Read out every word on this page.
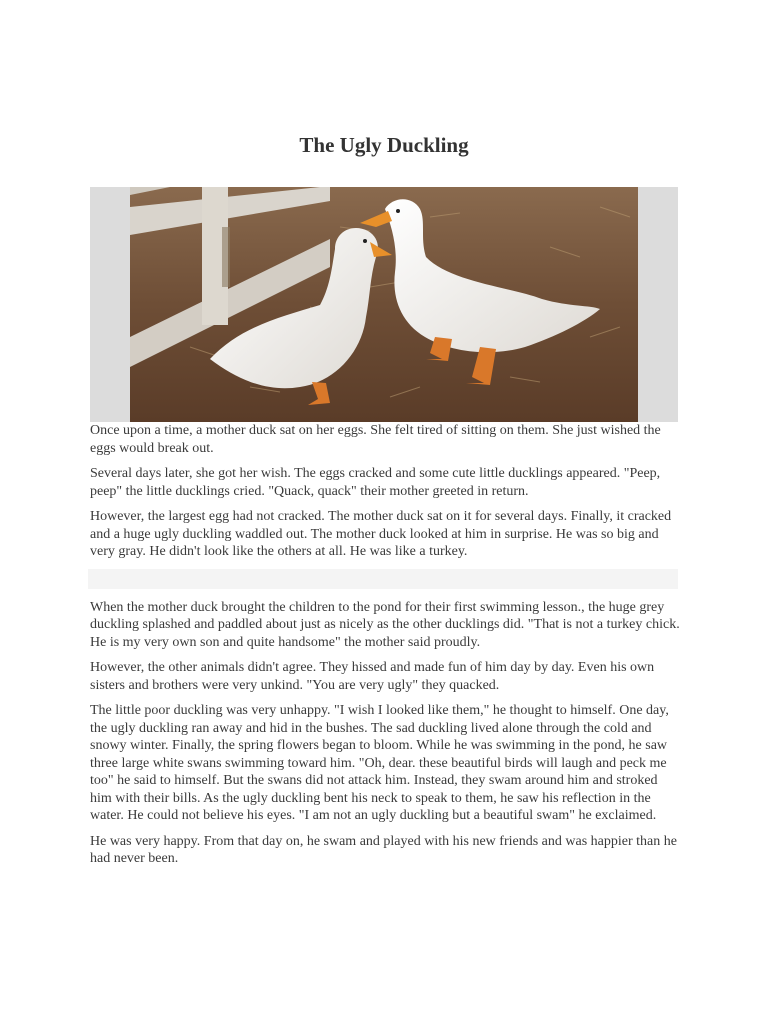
The Ugly Duckling

Once upon a time, a mother duck sat on her eggs. She felt tired of sitting on them. She just wished the eggs would break out.

Several days later, she got her wish. The eggs cracked and some cute little ducklings appeared. "Peep, peep" the little ducklings cried. "Quack, quack" their mother greeted in return.

However, the largest egg had not cracked. The mother duck sat on it for several days. Finally, it cracked and a huge ugly duckling waddled out. The mother duck looked at him in surprise. He was so big and very gray. He didn't look like the others at all. He was like a turkey.

When the mother duck brought the children to the pond for their first swimming lesson., the huge grey duckling splashed and paddled about just as nicely as the other ducklings did. "That is not a turkey chick. He is my very own son and quite handsome" the mother said proudly.

However, the other animals didn't agree. They hissed and made fun of him day by day. Even his own sisters and brothers were very unkind. "You are very ugly" they quacked.

The little poor duckling was very unhappy. "I wish I looked like them," he thought to himself. One day, the ugly duckling ran away and hid in the bushes. The sad duckling lived alone through the cold and snowy winter. Finally, the spring flowers began to bloom. While he was swimming in the pond, he saw three large white swans swimming toward him. "Oh, dear. these beautiful birds will laugh and peck me too" he said to himself. But the swans did not attack him. Instead, they swam around him and stroked him with their bills. As the ugly duckling bent his neck to speak to them, he saw his reflection in the water. He could not believe his eyes. "I am not an ugly duckling but a beautiful swam" he exclaimed.

He was very happy. From that day on, he swam and played with his new friends and was happier than he had never been.
